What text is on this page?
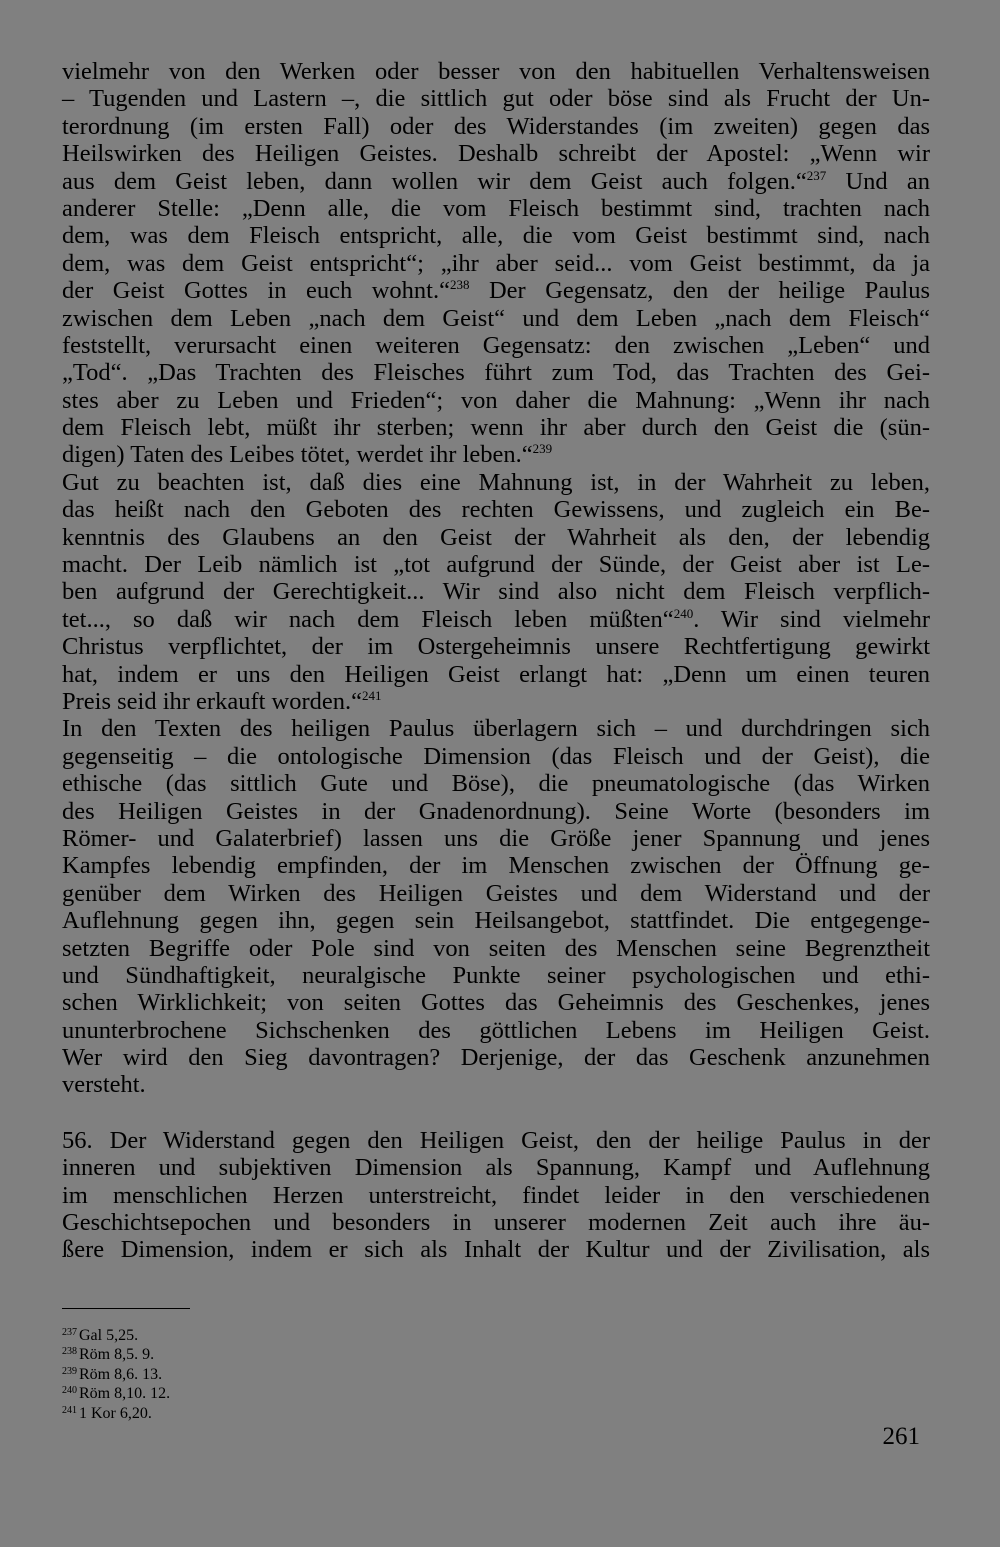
vielmehr von den Werken oder besser von den habituellen Verhaltensweisen
– Tugenden und Lastern –, die sittlich gut oder böse sind als Frucht der Un-
terordnung (im ersten Fall) oder des Widerstandes (im zweiten) gegen das
Heilswirken des Heiligen Geistes. Deshalb schreibt der Apostel: „Wenn wir
aus dem Geist leben, dann wollen wir dem Geist auch folgen.“$^{237}$ Und an
anderer Stelle: „Denn alle, die vom Fleisch bestimmt sind, trachten nach
dem, was dem Fleisch entspricht, alle, die vom Geist bestimmt sind, nach
dem, was dem Geist entspricht“; „ihr aber seid... vom Geist bestimmt, da ja
der Geist Gottes in euch wohnt.“$^{238}$ Der Gegensatz, den der heilige Paulus
zwischen dem Leben „nach dem Geist“ und dem Leben „nach dem Fleisch“
feststellt, verursacht einen weiteren Gegensatz: den zwischen „Leben“ und
„Tod“. „Das Trachten des Fleisches führt zum Tod, das Trachten des Gei-
stes aber zu Leben und Frieden“; von daher die Mahnung: „Wenn ihr nach
dem Fleisch lebt, müßt ihr sterben; wenn ihr aber durch den Geist die (sün-
digen) Taten des Leibes tötet, werdet ihr leben.“$^{239}$
Gut zu beachten ist, daß dies eine Mahnung ist, in der Wahrheit zu leben,
das heißt nach den Geboten des rechten Gewissens, und zugleich ein Be-
kenntnis des Glaubens an den Geist der Wahrheit als den, der lebendig
macht. Der Leib nämlich ist „tot aufgrund der Sünde, der Geist aber ist Le-
ben aufgrund der Gerechtigkeit... Wir sind also nicht dem Fleisch verpflich-
tet..., so daß wir nach dem Fleisch leben müßten“$^{240}$. Wir sind vielmehr
Christus verpflichtet, der im Ostergeheimnis unsere Rechtfertigung gewirkt
hat, indem er uns den Heiligen Geist erlangt hat: „Denn um einen teuren
Preis seid ihr erkauft worden.“$^{241}$
In den Texten des heiligen Paulus überlagern sich – und durchdringen sich
gegenseitig – die ontologische Dimension (das Fleisch und der Geist), die
ethische (das sittlich Gute und Böse), die pneumatologische (das Wirken
des Heiligen Geistes in der Gnadenordnung). Seine Worte (besonders im
Römer- und Galaterbrief) lassen uns die Größe jener Spannung und jenes
Kampfes lebendig empfinden, der im Menschen zwischen der Öffnung ge-
genüber dem Wirken des Heiligen Geistes und dem Widerstand und der
Auflehnung gegen ihn, gegen sein Heilsangebot, stattfindet. Die entgegenge-
setzten Begriffe oder Pole sind von seiten des Menschen seine Begrenztheit
und Sündhaftigkeit, neuralgische Punkte seiner psychologischen und ethi-
schen Wirklichkeit; von seiten Gottes das Geheimnis des Geschenkes, jenes
ununterbrochene Sichschenken des göttlichen Lebens im Heiligen Geist.
Wer wird den Sieg davontragen? Derjenige, der das Geschenk anzunehmen
versteht.
56. Der Widerstand gegen den Heiligen Geist, den der heilige Paulus in der
inneren und subjektiven Dimension als Spannung, Kampf und Auflehnung
im menschlichen Herzen unterstreicht, findet leider in den verschiedenen
Geschichtsepochen und besonders in unserer modernen Zeit auch ihre äu-
ßere Dimension, indem er sich als Inhalt der Kultur und der Zivilisation, als
$^{237}$ Gal 5,25.
$^{238}$ Röm 8,5. 9.
$^{239}$ Röm 8,6. 13.
$^{240}$ Röm 8,10. 12.
$^{241}$ 1 Kor 6,20.
261
